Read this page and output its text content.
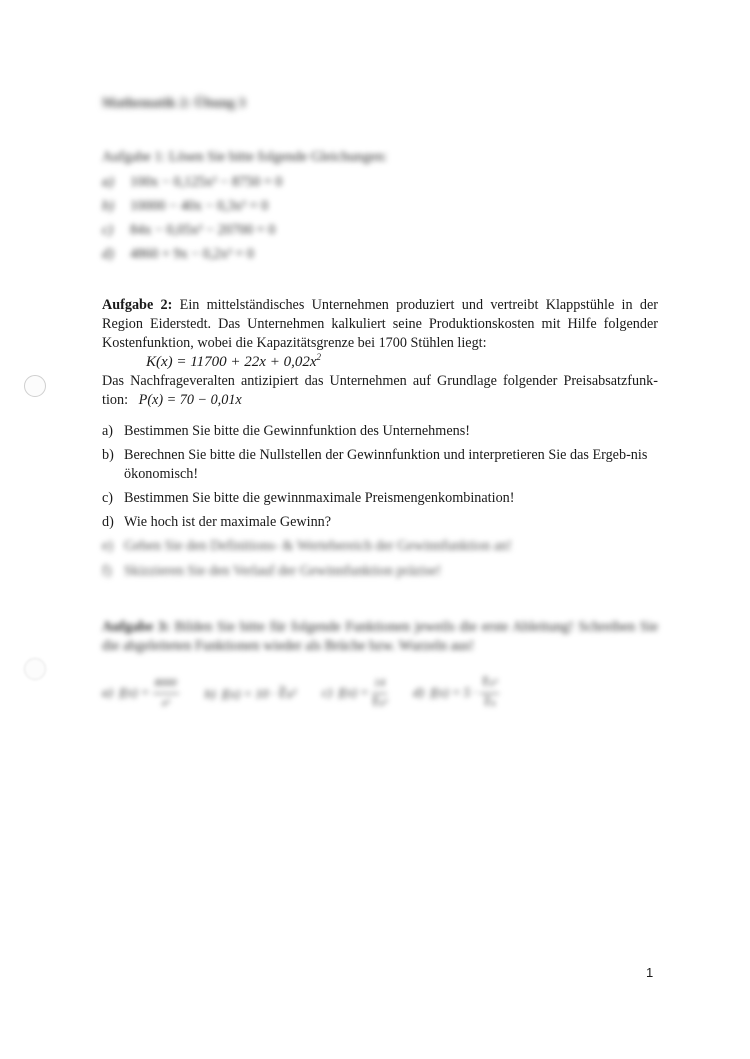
Mathematik 2: Übung 3
Aufgabe 1: Lösen Sie bitte folgende Gleichungen:
a) 100x − 0,125x² − 8750 = 0
b) 10000 − 40x − 0,3x² = 0
c) 84x − 0,05x² − 20700 = 0
d) 4860 + 9x − 0,2x² = 0

Aufgabe 2: Ein mittelständisches Unternehmen produziert und vertreibt Klappstühle in der Region Eiderstedt. Das Unternehmen kalkuliert seine Produktionskosten mit Hilfe folgender Kostenfunktion, wobei die Kapazitätsgrenze bei 1700 Stühlen liegt:

$K(x) = 11700 + 22x + 0,02x^2$

Das Nachfrageveralten antizipiert das Unternehmen auf Grundlage folgender Preisabsatzfunk-tion: P(x) = 70 − 0,01x

a) Bestimmen Sie bitte die Gewinnfunktion des Unternehmens!
b) Berechnen Sie bitte die Nullstellen der Gewinnfunktion und interpretieren Sie das Ergeb-nis ökonomisch!
c) Bestimmen Sie bitte die gewinnmaximale Preismengenkombination!
d) Wie hoch ist der maximale Gewinn?
e) Geben Sie den Definitions- & Wertebereich der Gewinnfunktion an!
f) Skizzieren Sie den Verlauf der Gewinnfunktion präzise!
Aufgabe 3: Bilden Sie bitte für folgende Funktionen jeweils die erste Ableitung! Schreiben Sie die abgeleiteten Funktionen wieder als Brüche bzw. Wurzeln aus!
a) $f(x) = \frac{8000}{\text{x²}} b$) f(x) = 10 · ∛x² c) $f(x) = \frac{14}{\text{∜x³}} d$) $f(x) = 5 \cdot \frac{\text{∜x³}}{∛x}$
1
